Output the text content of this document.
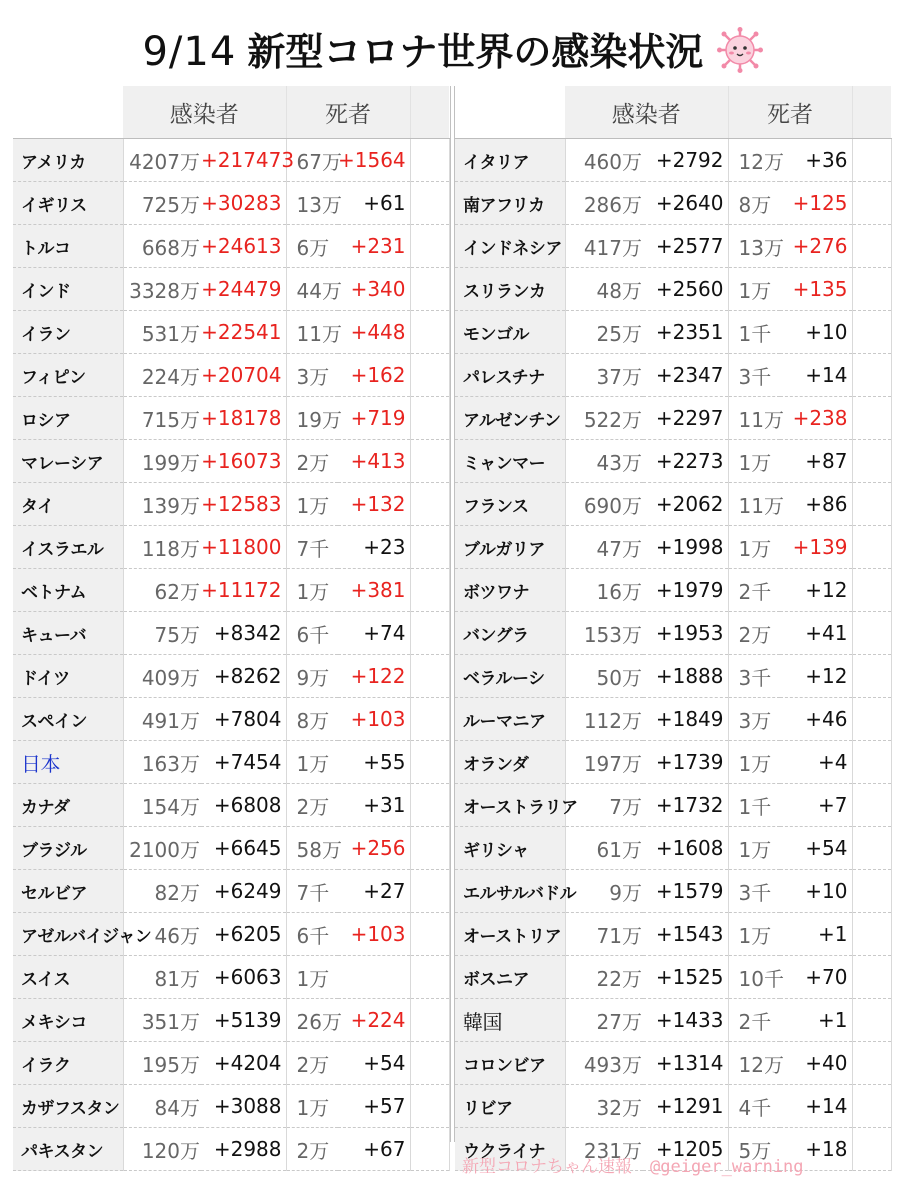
9/14 新型コロナ世界の感染状況
	感染者		死者		
アメリカ	4207万	+217473	67万	+1564	
イギリス	725万	+30283	13万	+61	
トルコ	668万	+24613	6万	+231	
インド	3328万	+24479	44万	+340	
イラン	531万	+22541	11万	+448	
フィピン	224万	+20704	3万	+162	
ロシア	715万	+18178	19万	+719	
マレーシア	199万	+16073	2万	+413	
タイ	139万	+12583	1万	+132	
イスラエル	118万	+11800	7千	+23	
ベトナム	62万	+11172	1万	+381	
キューバ	75万	+8342	6千	+74	
ドイツ	409万	+8262	9万	+122	
スペイン	491万	+7804	8万	+103	
日本	163万	+7454	1万	+55	
カナダ	154万	+6808	2万	+31	
ブラジル	2100万	+6645	58万	+256	
セルビア	82万	+6249	7千	+27	
アゼルバイジャン	46万	+6205	6千	+103	
スイス	81万	+6063	1万		
メキシコ	351万	+5139	26万	+224	
イラク	195万	+4204	2万	+54	
カザフスタン	84万	+3088	1万	+57	
パキスタン	120万	+2988	2万	+67	
	感染者		死者		
イタリア	460万	+2792	12万	+36	
南アフリカ	286万	+2640	8万	+125	
インドネシア	417万	+2577	13万	+276	
スリランカ	48万	+2560	1万	+135	
モンゴル	25万	+2351	1千	+10	
パレスチナ	37万	+2347	3千	+14	
アルゼンチン	522万	+2297	11万	+238	
ミャンマー	43万	+2273	1万	+87	
フランス	690万	+2062	11万	+86	
ブルガリア	47万	+1998	1万	+139	
ボツワナ	16万	+1979	2千	+12	
バングラ	153万	+1953	2万	+41	
ベラルーシ	50万	+1888	3千	+12	
ルーマニア	112万	+1849	3万	+46	
オランダ	197万	+1739	1万	+4	
オーストラリア	7万	+1732	1千	+7	
ギリシャ	61万	+1608	1万	+54	
エルサルバドル	9万	+1579	3千	+10	
オーストリア	71万	+1543	1万	+1	
ボスニア	22万	+1525	10千	+70	
韓国	27万	+1433	2千	+1	
コロンビア	493万	+1314	12万	+40	
リビア	32万	+1291	4千	+14	
ウクライナ	231万	+1205	5万	+18	
新型コロナちゃん速報 @geiger_warning
